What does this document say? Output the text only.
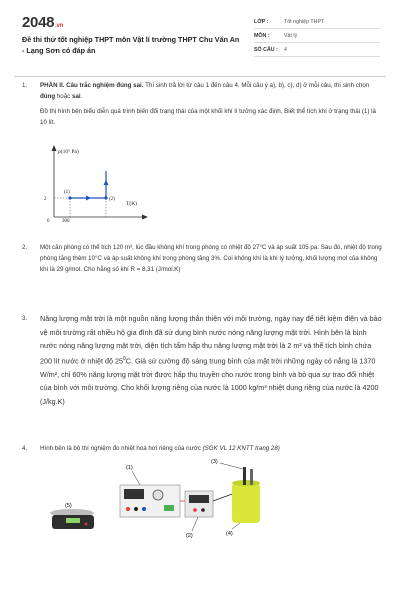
2048.vn
Đề thi thử tốt nghiệp THPT môn Vật lí trường THPT Chu Văn An - Lạng Sơn có đáp án
LỚP :	Tốt nghiệp THPT
MÔN :	Vật lý
SỐ CÂU :	4
1. PHẦN II. Câu trắc nghiệm đúng sai. Thí sinh trả lời từ câu 1 đến câu 4. Mỗi câu ý a), b), c), d) ở mỗi câu, thí sinh chọn đúng hoặc sai.

Đồ thị hình bên biểu diễn quá trình biến đổi trạng thái của một khối khí lí tưởng xác định. Biết thể tích khí ở trạng thái (1) là 10 lít.

p(10⁵ Pa)
T(K)
0
2
300
(1)
(2)
2. Một căn phòng có thể tích 120 m³, lúc đầu không khí trong phòng có nhiệt độ 27°C và áp suất 105 pa. Sau đó, nhiệt độ trong phòng tăng thêm 10°C và áp suất không khí trong phòng tăng 3%. Coi không khí là khí lý tưởng, khối lượng mol của không khí là 29 g/mol. Cho hằng số khí R = 8,31 (J/mol.K)
3. Năng lượng mặt trời là một nguồn năng lượng thân thiện với môi trường, ngày nay để tiết kiệm điện và bảo vệ môi trường rất nhiều hộ gia đình đã sử dụng bình nước nóng năng lượng mặt trời. Hình bên là bình nước nóng năng lượng mặt trời, diện tích tấm hấp thụ năng lượng mặt trời là 2 m² và thể tích bình chứa 200 lít nước ở nhiệt độ $25^0C$. Giả sử cường độ sáng trung bình của mặt trời những ngày có nắng là 1370 W/m², chỉ 60% năng lượng mặt trời được hấp thụ truyền cho nước trong bình và bỏ qua sự trao đổi nhiệt của bình với môi trường. Cho khối lượng riêng của nước là 1000 kg/m³ nhiệt dung riêng của nước là 4200 (J/kg.K)
4. Hình bên là bộ thí nghiệm đo nhiệt hoá hơi riêng của nước (SGK VL 12 KNTT trang 28)
(5)
(1)
(2)
(3)
(4)
